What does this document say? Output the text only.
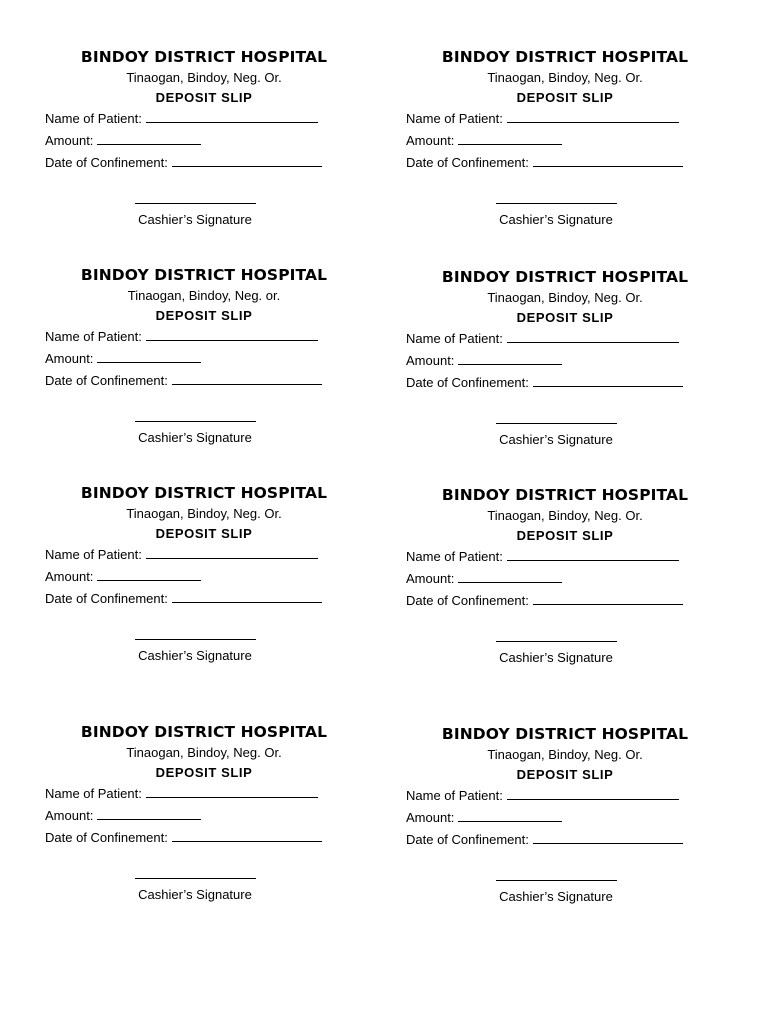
BINDOY DISTRICT HOSPITAL
Tinaogan, Bindoy, Neg. Or.
DEPOSIT SLIP
Name of Patient:
Amount:
Date of Confinement:
Cashier’s Signature
BINDOY DISTRICT HOSPITAL
Tinaogan, Bindoy, Neg. Or.
DEPOSIT SLIP
Name of Patient:
Amount:
Date of Confinement:
Cashier’s Signature
BINDOY DISTRICT HOSPITAL
Tinaogan, Bindoy, Neg. or.
DEPOSIT SLIP
Name of Patient:
Amount:
Date of Confinement:
Cashier’s Signature
BINDOY DISTRICT HOSPITAL
Tinaogan, Bindoy, Neg. Or.
DEPOSIT SLIP
Name of Patient:
Amount:
Date of Confinement:
Cashier’s Signature
BINDOY DISTRICT HOSPITAL
Tinaogan, Bindoy, Neg. Or.
DEPOSIT SLIP
Name of Patient:
Amount:
Date of Confinement:
Cashier’s Signature
BINDOY DISTRICT HOSPITAL
Tinaogan, Bindoy, Neg. Or.
DEPOSIT SLIP
Name of Patient:
Amount:
Date of Confinement:
Cashier’s Signature
BINDOY DISTRICT HOSPITAL
Tinaogan, Bindoy, Neg. Or.
DEPOSIT SLIP
Name of Patient:
Amount:
Date of Confinement:
Cashier’s Signature
BINDOY DISTRICT HOSPITAL
Tinaogan, Bindoy, Neg. Or.
DEPOSIT SLIP
Name of Patient:
Amount:
Date of Confinement:
Cashier’s Signature
